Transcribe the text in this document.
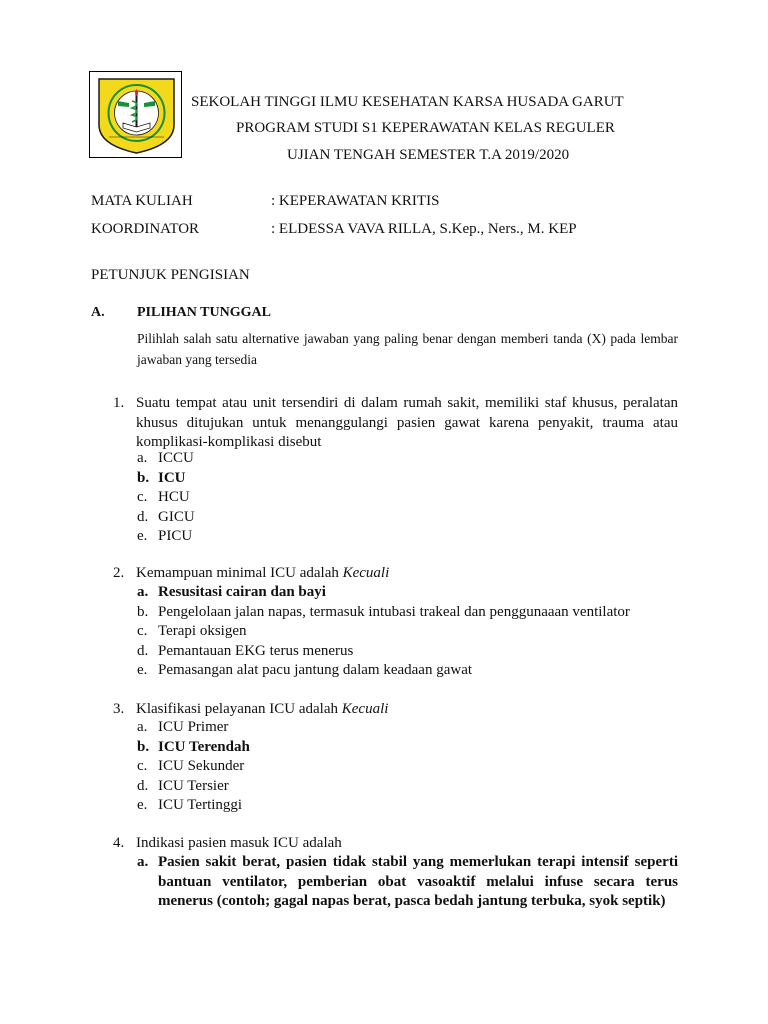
SEKOLAH TINGGI ILMU KESEHATAN KARSA HUSADA GARUT
PROGRAM STUDI S1 KEPERAWATAN KELAS REGULER
UJIAN TENGAH SEMESTER T.A 2019/2020
MATA KULIAH	: KEPERAWATAN KRITIS
KOORDINATOR	: ELDESSA VAVA RILLA, S.Kep., Ners., M. KEP
PETUNJUK PENGISIAN
A. PILIHAN TUNGGAL
Pilihlah salah satu alternative jawaban yang paling benar dengan memberi tanda (X) pada lembar jawaban yang tersedia
1. Suatu tempat atau unit tersendiri di dalam rumah sakit, memiliki staf khusus, peralatan khusus ditujukan untuk menanggulangi pasien gawat karena penyakit, trauma atau komplikasi-komplikasi disebut
a. ICCU
b. ICU
c. HCU
d. GICU
e. PICU
2. Kemampuan minimal ICU adalah Kecuali
a. Resusitasi cairan dan bayi
b. Pengelolaan jalan napas, termasuk intubasi trakeal dan penggunaaan ventilator
c. Terapi oksigen
d. Pemantauan EKG terus menerus
e. Pemasangan alat pacu jantung dalam keadaan gawat
3. Klasifikasi pelayanan ICU adalah Kecuali
a. ICU Primer
b. ICU Terendah
c. ICU Sekunder
d. ICU Tersier
e. ICU Tertinggi
4. Indikasi pasien masuk ICU adalah
a. Pasien sakit berat, pasien tidak stabil yang memerlukan terapi intensif seperti bantuan ventilator, pemberian obat vasoaktif melalui infuse secara terus menerus (contoh; gagal napas berat, pasca bedah jantung terbuka, syok septik)
